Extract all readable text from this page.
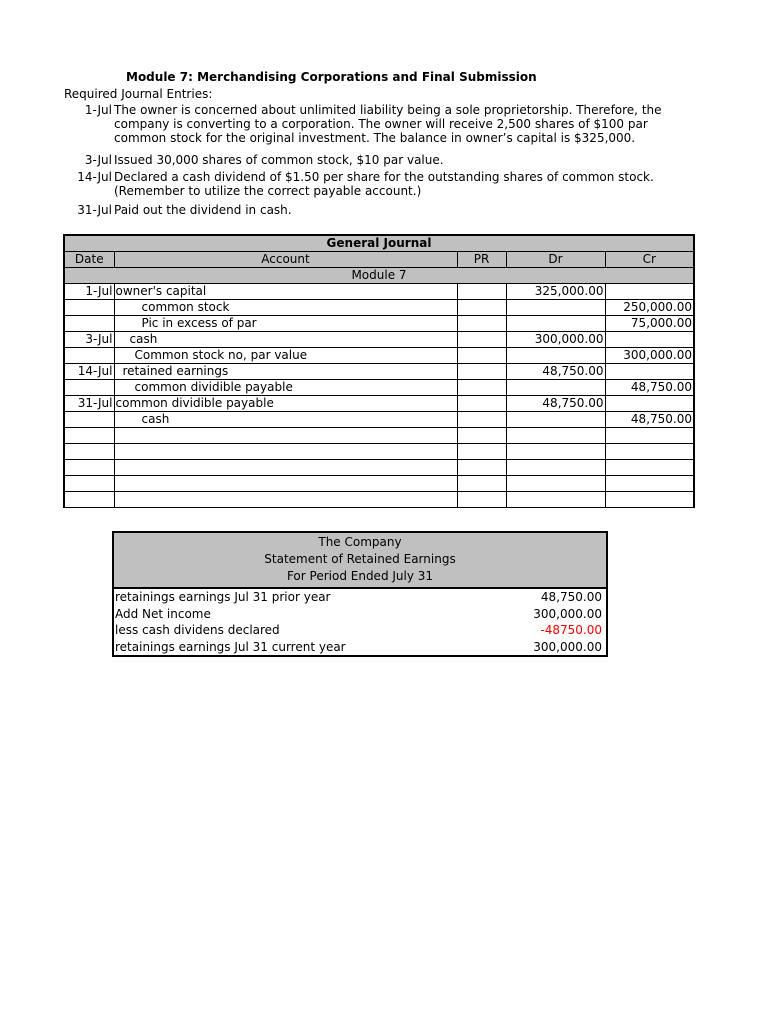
Module 7: Merchandising Corporations and Final Submission
Required Journal Entries:
1-Jul The owner is concerned about unlimited liability being a sole proprietorship. Therefore, the company is converting to a corporation. The owner will receive 2,500 shares of $100 par common stock for the original investment. The balance in owner’s capital is $325,000.
3-Jul Issued 30,000 shares of common stock, $10 par value.
14-Jul Declared a cash dividend of $1.50 per share for the outstanding shares of common stock. (Remember to utilize the correct payable account.)
31-Jul Paid out the dividend in cash.
General Journal				
Date	Account	PR	Dr	Cr
Module 7				
1-Jul	owner's capital		325,000.00	
	common stock			250,000.00
	Pic in excess of par			75,000.00
3-Jul	cash		300,000.00	
	Common stock no, par value			300,000.00
14-Jul	retained earnings		48,750.00	
	common dividible payable			48,750.00
31-Jul	common dividible payable		48,750.00	
	cash			48,750.00

The Company
Statement of Retained Earnings
For Period Ended July 31
retainings earnings Jul 31 prior year	48,750.00
Add Net income	300,000.00
less cash dividens declared	-48750.00
retainings earnings Jul 31 current year	300,000.00
